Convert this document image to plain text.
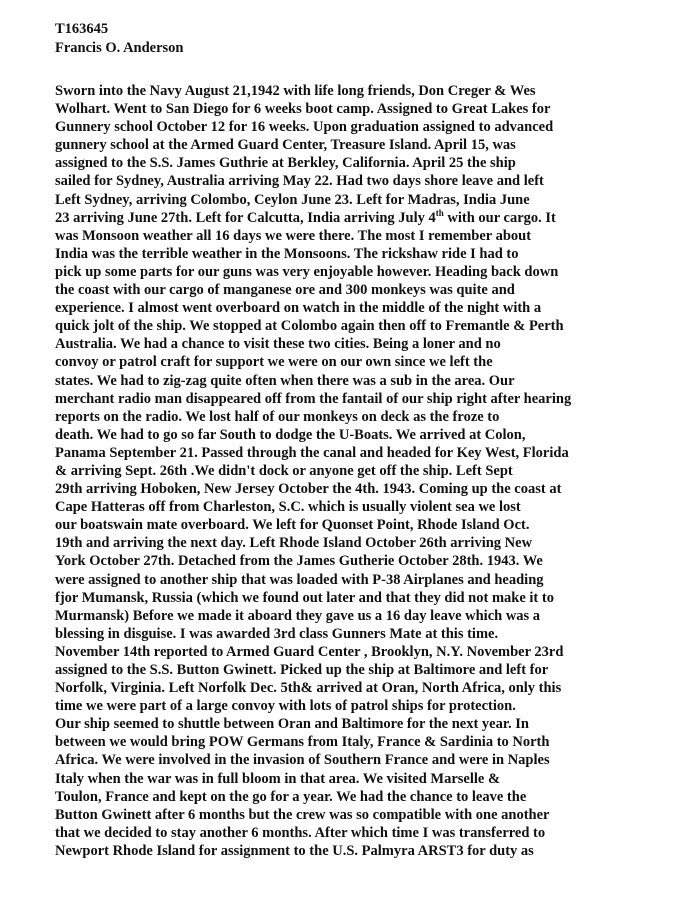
T163645
Francis O. Anderson
Sworn into the Navy August 21,1942 with life long friends, Don Creger & Wes
Wolhart. Went to San Diego for 6 weeks boot camp. Assigned to Great Lakes for
Gunnery school October 12 for 16 weeks. Upon graduation assigned to advanced
gunnery school at the Armed Guard Center, Treasure Island. April 15, was
assigned to the S.S. James Guthrie at Berkley, California. April 25 the ship
sailed for Sydney, Australia arriving May 22. Had two days shore leave and left
Left Sydney, arriving Colombo, Ceylon June 23. Left for Madras, India June
23 arriving June 27th. Left for Calcutta, India arriving July 4th with our cargo. It
was Monsoon weather all 16 days we were there. The most I remember about
India was the terrible weather in the Monsoons. The rickshaw ride I had to
pick up some parts for our guns was very enjoyable however. Heading back down
the coast with our cargo of manganese ore and 300 monkeys was quite and
experience. I almost went overboard on watch in the middle of the night with a
quick jolt of the ship. We stopped at Colombo again then off to Fremantle & Perth
Australia. We had a chance to visit these two cities. Being a loner and no
convoy or patrol craft for support we were on our own since we left the
states. We had to zig-zag quite often when there was a sub in the area. Our
merchant radio man disappeared off from the fantail of our ship right after hearing
reports on the radio. We lost half of our monkeys on deck as the froze to
death. We had to go so far South to dodge the U-Boats. We arrived at Colon,
Panama September 21. Passed through the canal and headed for Key West, Florida
& arriving Sept. 26th .We didn't dock or anyone get off the ship. Left Sept
29th arriving Hoboken, New Jersey October the 4th. 1943. Coming up the coast at
Cape Hatteras off from Charleston, S.C. which is usually violent sea we lost
our boatswain mate overboard. We left for Quonset Point, Rhode Island Oct.
19th and arriving the next day. Left Rhode Island October 26th arriving New
York October 27th. Detached from the James Gutherie October 28th. 1943. We
were assigned to another ship that was loaded with P-38 Airplanes and heading
fjor Mumansk, Russia (which we found out later and that they did not make it to
Murmansk) Before we made it aboard they gave us a 16 day leave which was a
blessing in disguise. I was awarded 3rd class Gunners Mate at this time.
November 14th reported to Armed Guard Center , Brooklyn, N.Y. November 23rd
assigned to the S.S. Button Gwinett. Picked up the ship at Baltimore and left for
Norfolk, Virginia. Left Norfolk Dec. 5th& arrived at Oran, North Africa, only this
time we were part of a large convoy with lots of patrol ships for protection.
Our ship seemed to shuttle between Oran and Baltimore for the next year. In
between we would bring POW Germans from Italy, France & Sardinia to North
Africa. We were involved in the invasion of Southern France and were in Naples
Italy when the war was in full bloom in that area. We visited Marselle &
Toulon, France and kept on the go for a year. We had the chance to leave the
Button Gwinett after 6 months but the crew was so compatible with one another
that we decided to stay another 6 months. After which time I was transferred to
Newport Rhode Island for assignment to the U.S. Palmyra ARST3 for duty as
